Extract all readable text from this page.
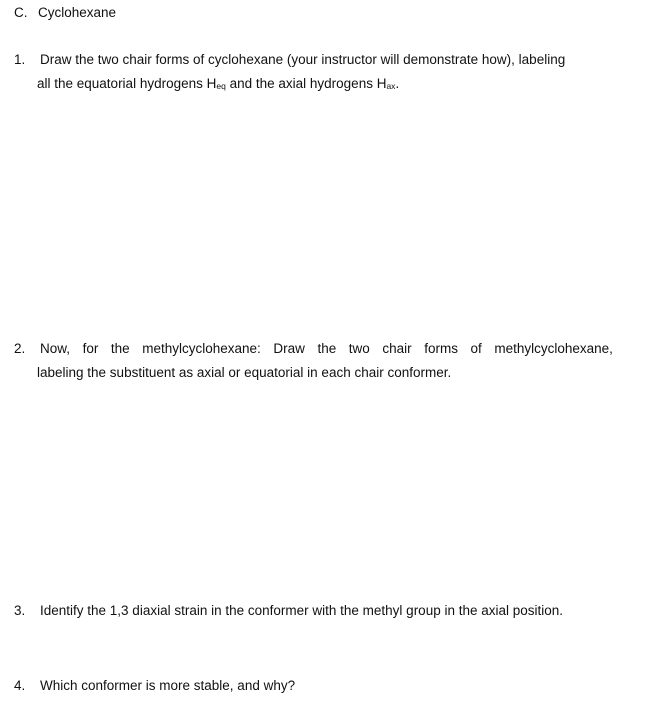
C. Cyclohexane
1. Draw the two chair forms of cyclohexane (your instructor will demonstrate how), labeling
all the equatorial hydrogens $H_{eq}$ and the axial hydrogens $H_{ax}$.
2. Now, for the methylcyclohexane: Draw the two chair forms of methylcyclohexane,
labeling the substituent as axial or equatorial in each chair conformer.
3. Identify the 1,3 diaxial strain in the conformer with the methyl group in the axial position.
4. Which conformer is more stable, and why?
